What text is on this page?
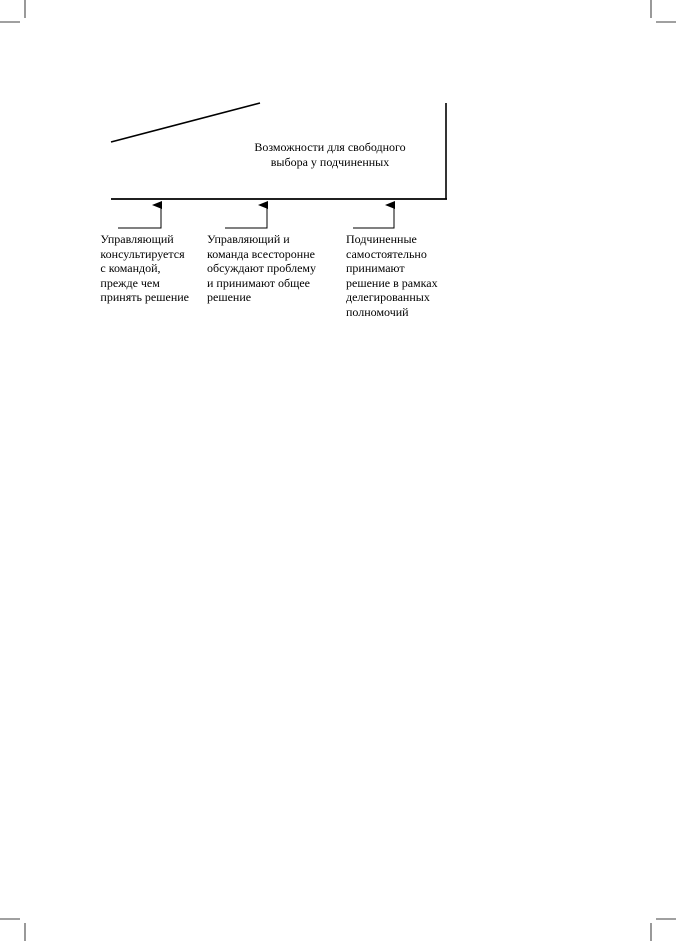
Возможности для свободного
выбора у подчиненных
Управляющий
консультируется
с командой,
прежде чем
принять решение
Управляющий и
команда всесторонне
обсуждают проблему
и принимают общее
решение
Подчиненные
самостоятельно
принимают
решение в рамках
делегированных
полномочий
